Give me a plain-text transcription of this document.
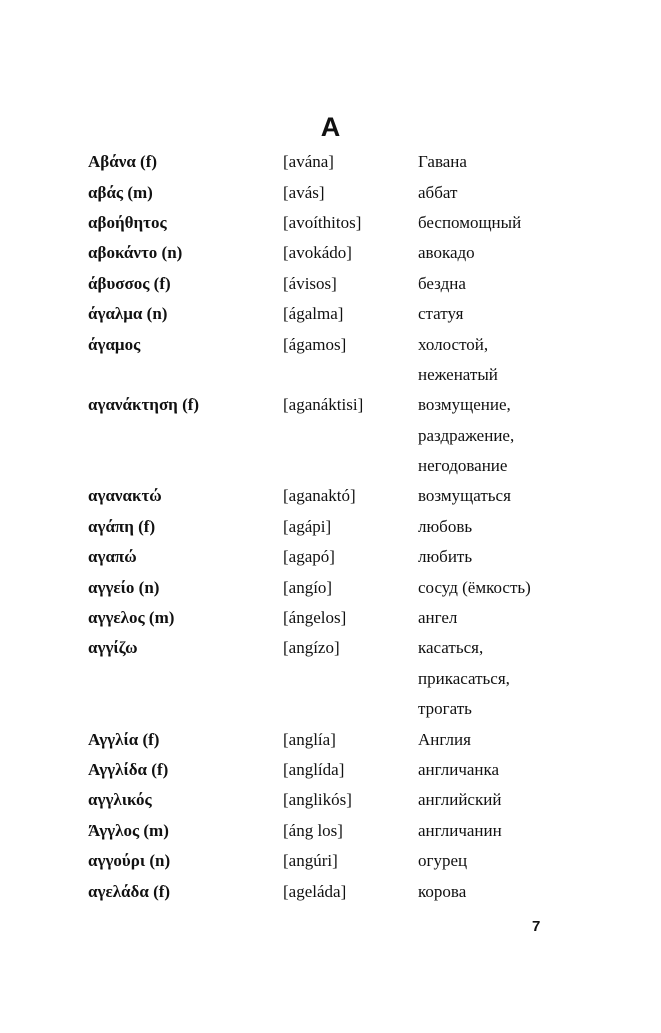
Α
Αβάνα (f)	[avána]	Гавана
αβάς (m)	[avás]	аббат
αβοήθητος	[avoíthitos]	беспомощный
αβοκάντο (n)	[avokádo]	авокадо
άβυσσος (f)	[ávisos]	бездна
άγαλμα (n)	[ágalma]	статуя
άγαμος	[ágamos]	холостой,
неженатый
αγανάκτηση (f)	[aganáktisi]	возмущение,
раздражение,
негодование
αγανακτώ	[aganaktó]	возмущаться
αγάπη (f)	[agápi]	любовь
αγαπώ	[agapó]	любить
αγγείο (n)	[angío]	сосуд (ёмкость)
αγγελος (m)	[ángelos]	ангел
αγγίζω	[angízo]	касаться,
прикасаться,
трогать
Αγγλία (f)	[anglía]	Англия
Αγγλίδα (f)	[anglída]	англичанка
αγγλικός	[anglikós]	английский
Άγγλος (m)	[áng los]	англичанин
αγγούρι (n)	[angúri]	огурец
αγελάδα (f)	[ageláda]	корова
7
